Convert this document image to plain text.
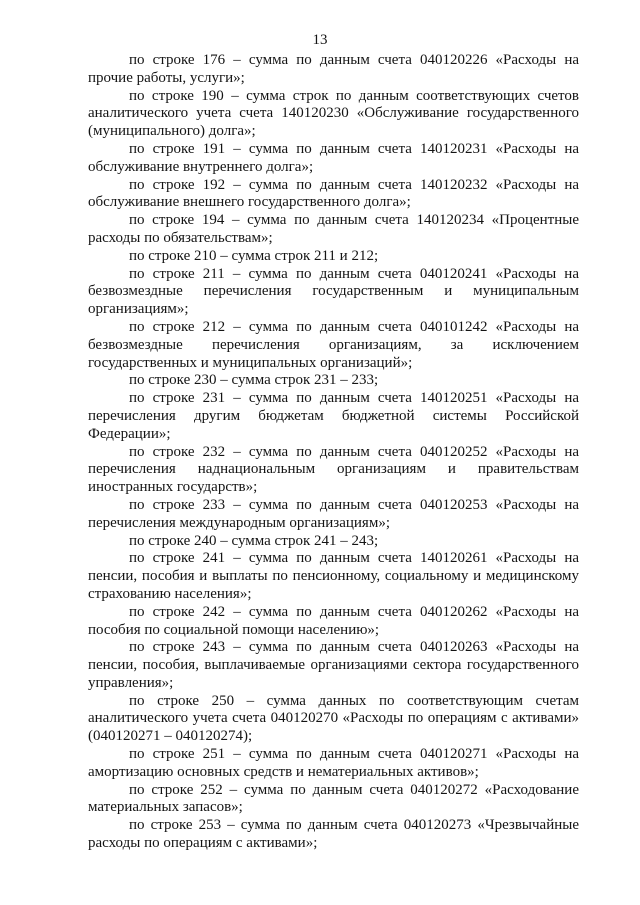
13

по строке 176 – сумма по данным счета 040120226 «Расходы на прочие работы, услуги»;

по строке 190 – сумма строк по данным соответствующих счетов аналитического учета счета 140120230 «Обслуживание государственного (муниципального) долга»;

по строке 191 – сумма по данным счета 140120231 «Расходы на обслуживание внутреннего долга»;

по строке 192 – сумма по данным счета 140120232 «Расходы на обслуживание внешнего государственного долга»;

по строке 194 – сумма по данным счета 140120234 «Процентные расходы по обязательствам»;

по строке 210 – сумма строк 211 и 212;

по строке 211 – сумма по данным счета 040120241 «Расходы на безвозмездные перечисления государственным и муниципальным организациям»;

по строке 212 – сумма по данным счета 040101242 «Расходы на безвозмездные перечисления организациям, за исключением государственных и муниципальных организаций»;

по строке 230 – сумма строк 231 – 233;

по строке 231 – сумма по данным счета 140120251 «Расходы на перечисления другим бюджетам бюджетной системы Российской Федерации»;

по строке 232 – сумма по данным счета 040120252 «Расходы на перечисления наднациональным организациям и правительствам иностранных государств»;

по строке 233 – сумма по данным счета 040120253 «Расходы на перечисления международным организациям»;

по строке 240 – сумма строк 241 – 243;

по строке 241 – сумма по данным счета 140120261 «Расходы на пенсии, пособия и выплаты по пенсионному, социальному и медицинскому страхованию населения»;

по строке 242 – сумма по данным счета 040120262 «Расходы на пособия по социальной помощи населению»;

по строке 243 – сумма по данным счета 040120263 «Расходы на пенсии, пособия, выплачиваемые организациями сектора государственного управления»;

по строке 250 – сумма данных по соответствующим счетам аналитического учета счета 040120270 «Расходы по операциям с активами» (040120271 – 040120274);

по строке 251 – сумма по данным счета 040120271 «Расходы на амортизацию основных средств и нематериальных активов»;

по строке 252 – сумма по данным счета 040120272 «Расходование материальных запасов»;

по строке 253 – сумма по данным счета 040120273 «Чрезвычайные расходы по операциям с активами»;
